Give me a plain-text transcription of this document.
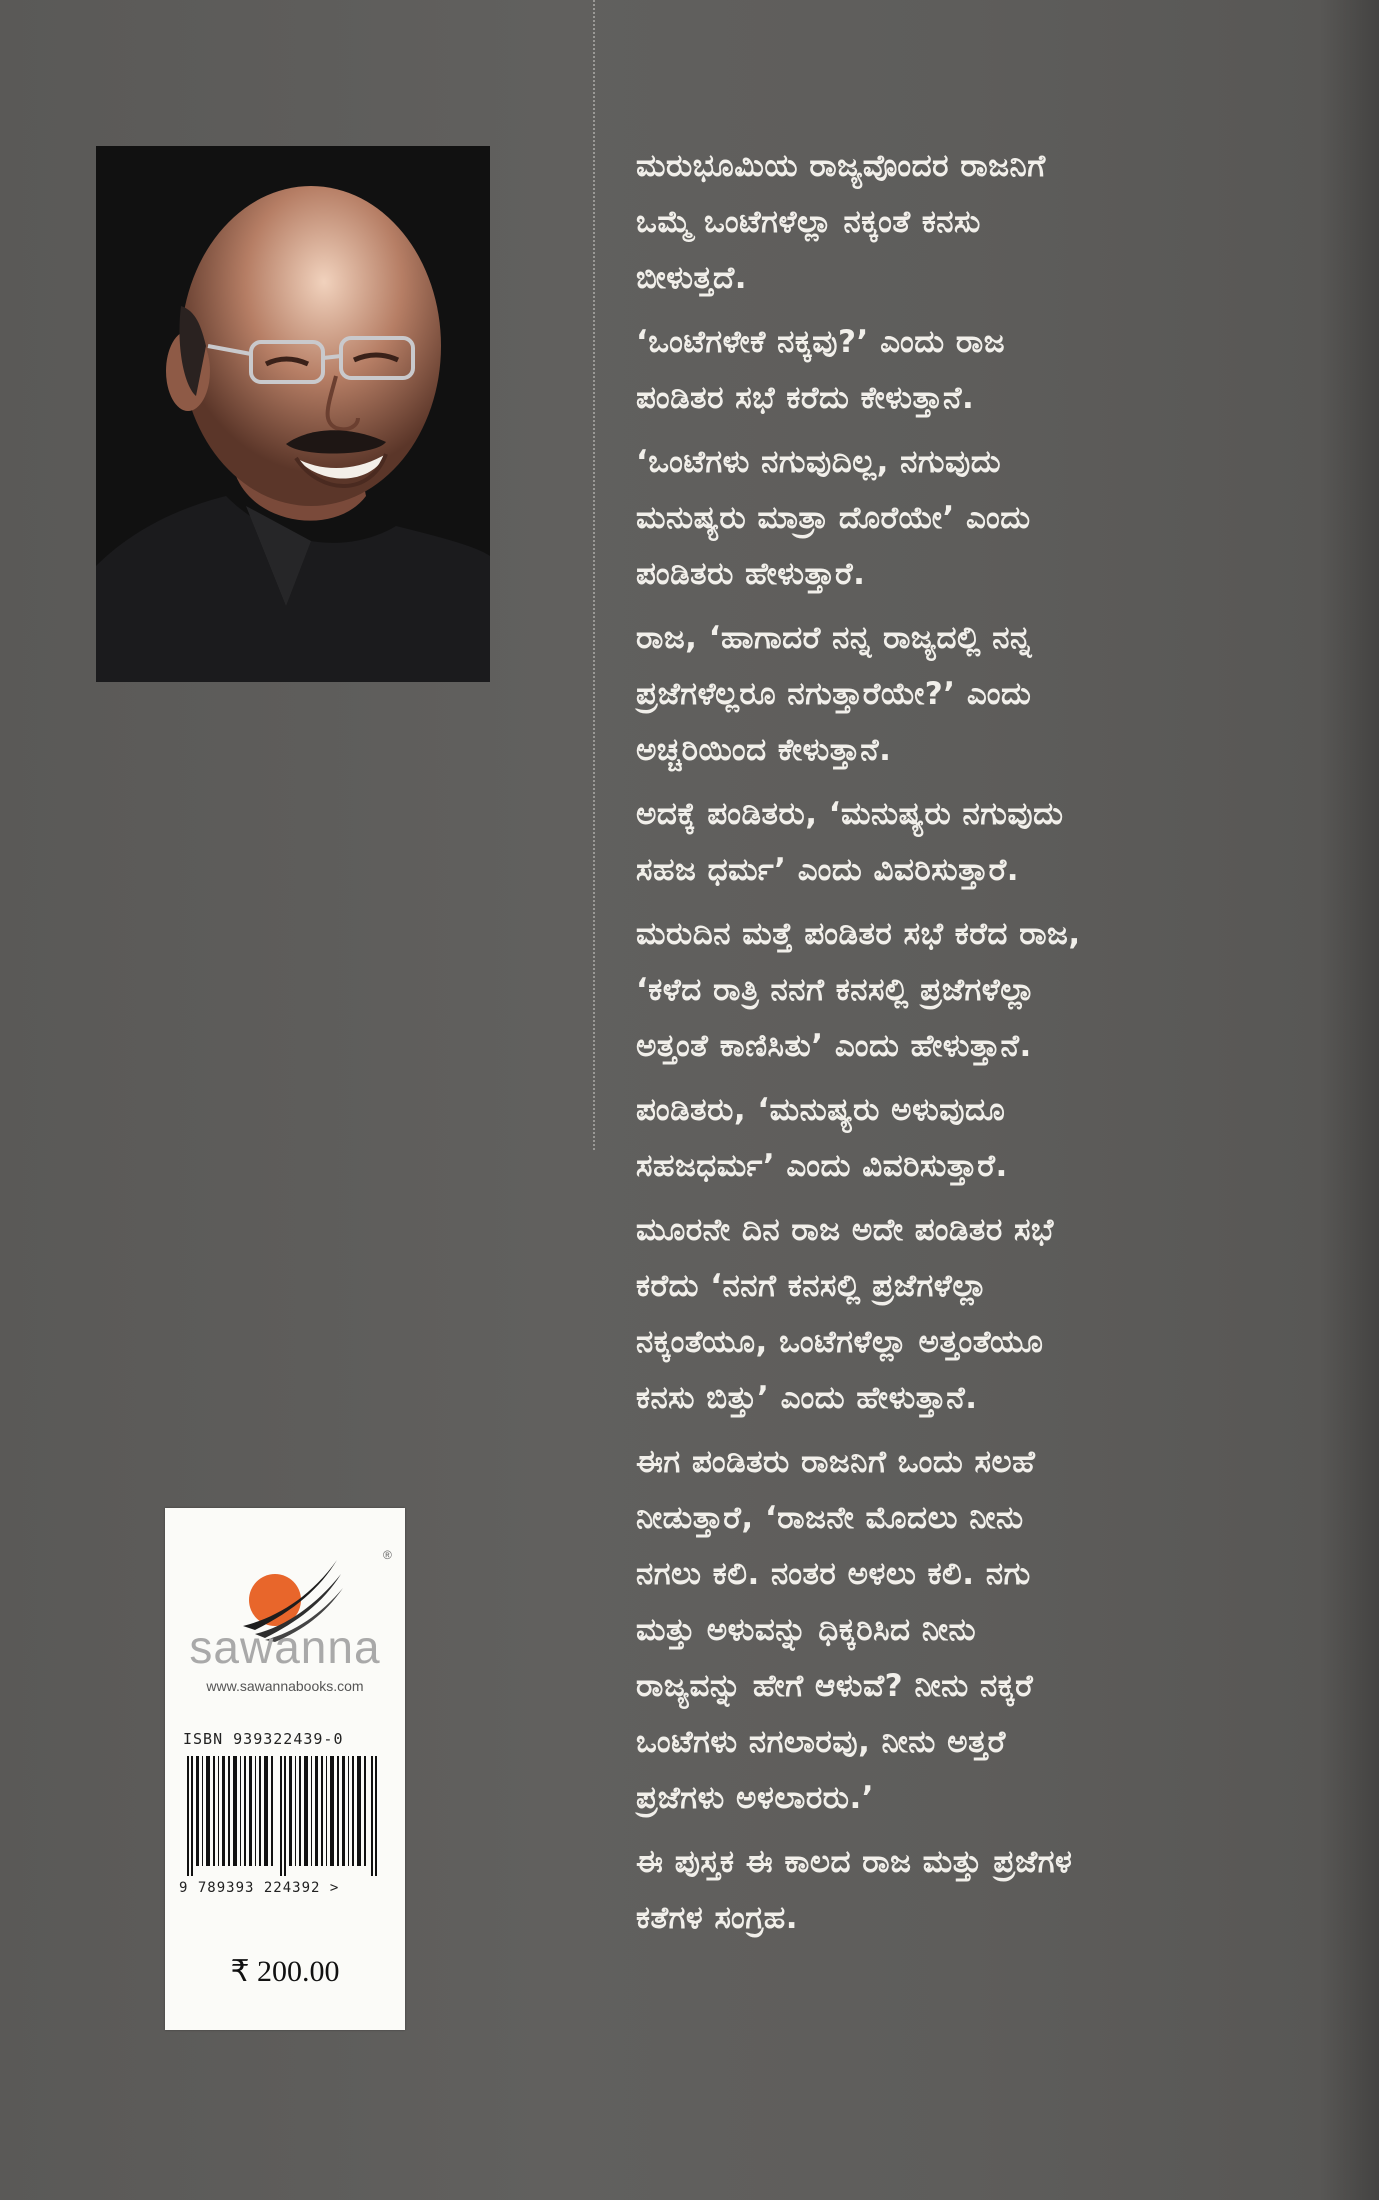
ಮರುಭೂಮಿಯ ರಾಜ್ಯವೊಂದರ ರಾಜನಿಗೆ
ಒಮ್ಮೆ ಒಂಟೆಗಳೆಲ್ಲಾ ನಕ್ಕಂತೆ ಕನಸು
ಬೀಳುತ್ತದೆ.

‘ಒಂಟೆಗಳೇಕೆ ನಕ್ಕವು?’ ಎಂದು ರಾಜ
ಪಂಡಿತರ ಸಭೆ ಕರೆದು ಕೇಳುತ್ತಾನೆ.

‘ಒಂಟೆಗಳು ನಗುವುದಿಲ್ಲ, ನಗುವುದು
ಮನುಷ್ಯರು ಮಾತ್ರಾ ದೊರೆಯೇ’ ಎಂದು
ಪಂಡಿತರು ಹೇಳುತ್ತಾರೆ.

ರಾಜ, ‘ಹಾಗಾದರೆ ನನ್ನ ರಾಜ್ಯದಲ್ಲಿ ನನ್ನ
ಪ್ರಜೆಗಳೆಲ್ಲರೂ ನಗುತ್ತಾರೆಯೇ?’ ಎಂದು
ಅಚ್ಚರಿಯಿಂದ ಕೇಳುತ್ತಾನೆ.

ಅದಕ್ಕೆ ಪಂಡಿತರು, ‘ಮನುಷ್ಯರು ನಗುವುದು
ಸಹಜ ಧರ್ಮ’ ಎಂದು ವಿವರಿಸುತ್ತಾರೆ.

ಮರುದಿನ ಮತ್ತೆ ಪಂಡಿತರ ಸಭೆ ಕರೆದ ರಾಜ,
‘ಕಳೆದ ರಾತ್ರಿ ನನಗೆ ಕನಸಲ್ಲಿ ಪ್ರಜೆಗಳೆಲ್ಲಾ
ಅತ್ತಂತೆ ಕಾಣಿಸಿತು’ ಎಂದು ಹೇಳುತ್ತಾನೆ.

ಪಂಡಿತರು, ‘ಮನುಷ್ಯರು ಅಳುವುದೂ
ಸಹಜಧರ್ಮ’ ಎಂದು ವಿವರಿಸುತ್ತಾರೆ.

ಮೂರನೇ ದಿನ ರಾಜ ಅದೇ ಪಂಡಿತರ ಸಭೆ
ಕರೆದು ‘ನನಗೆ ಕನಸಲ್ಲಿ ಪ್ರಜೆಗಳೆಲ್ಲಾ
ನಕ್ಕಂತೆಯೂ, ಒಂಟೆಗಳೆಲ್ಲಾ ಅತ್ತಂತೆಯೂ
ಕನಸು ಬಿತ್ತು’ ಎಂದು ಹೇಳುತ್ತಾನೆ.

ಈಗ ಪಂಡಿತರು ರಾಜನಿಗೆ ಒಂದು ಸಲಹೆ
ನೀಡುತ್ತಾರೆ, ‘ರಾಜನೇ ಮೊದಲು ನೀನು
ನಗಲು ಕಲಿ. ನಂತರ ಅಳಲು ಕಲಿ. ನಗು
ಮತ್ತು ಅಳುವನ್ನು ಧಿಕ್ಕರಿಸಿದ ನೀನು
ರಾಜ್ಯವನ್ನು ಹೇಗೆ ಆಳುವೆ? ನೀನು ನಕ್ಕರೆ
ಒಂಟೆಗಳು ನಗಲಾರವು, ನೀನು ಅತ್ತರೆ
ಪ್ರಜೆಗಳು ಅಳಲಾರರು.’

ಈ ಪುಸ್ತಕ ಈ ಕಾಲದ ರಾಜ ಮತ್ತು ಪ್ರಜೆಗಳ
ಕತೆಗಳ ಸಂಗ್ರಹ.

®
sawanna
www.sawannabooks.com
ISBN 939322439-0
9 789393 224392 >
₹ 200.00
